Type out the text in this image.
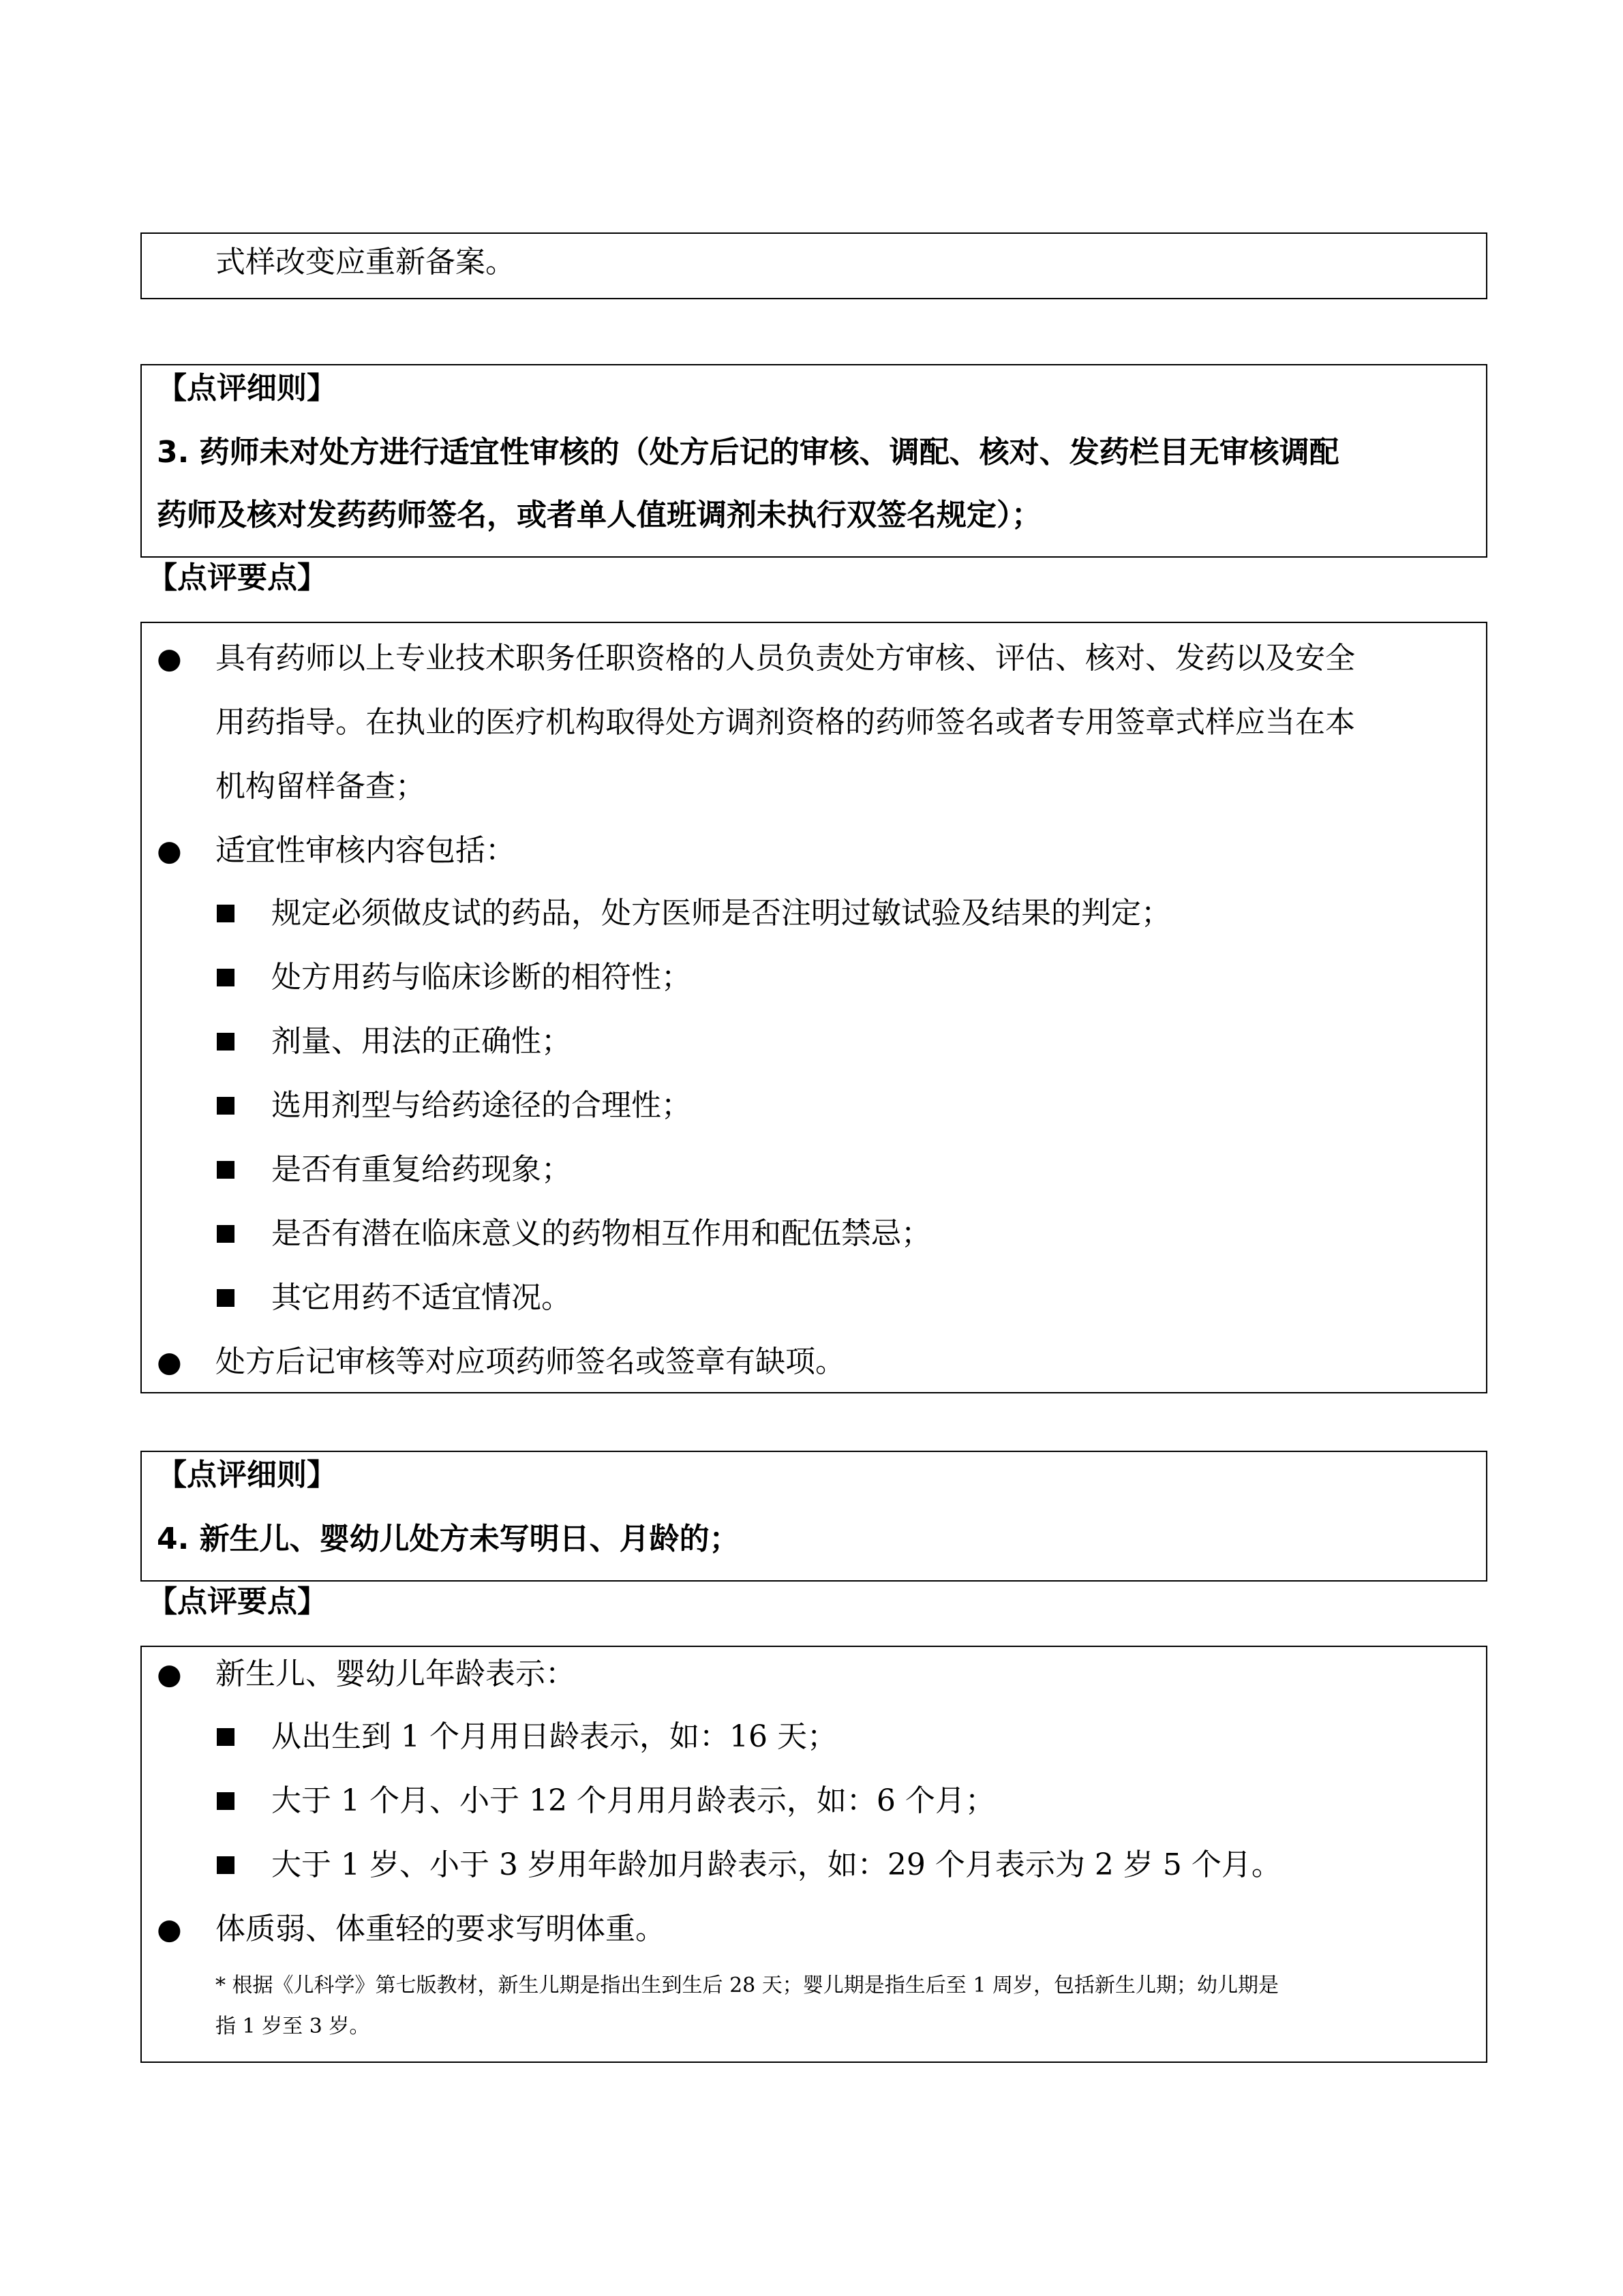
式样改变应重新备案。
【点评细则】
3. 药师未对处方进行适宜性审核的（处方后记的审核、调配、核对、发药栏目无审核调配
药师及核对发药药师签名，或者单人值班调剂未执行双签名规定）；
【点评要点】
● 具有药师以上专业技术职务任职资格的人员负责处方审核、评估、核对、发药以及安全
用药指导。在执业的医疗机构取得处方调剂资格的药师签名或者专用签章式样应当在本
机构留样备查；
● 适宜性审核内容包括：
规定必须做皮试的药品，处方医师是否注明过敏试验及结果的判定；
处方用药与临床诊断的相符性；
剂量、用法的正确性；
选用剂型与给药途径的合理性；
是否有重复给药现象；
是否有潜在临床意义的药物相互作用和配伍禁忌；
其它用药不适宜情况。
● 处方后记审核等对应项药师签名或签章有缺项。
【点评细则】
4. 新生儿、婴幼儿处方未写明日、月龄的；
【点评要点】
● 新生儿、婴幼儿年龄表示：
从出生到 1 个月用日龄表示，如：16 天；
大于 1 个月、小于 12 个月用月龄表示，如：6 个月；
大于 1 岁、小于 3 岁用年龄加月龄表示，如：29 个月表示为 2 岁 5 个月。
● 体质弱、体重轻的要求写明体重。
* 根据《儿科学》第七版教材，新生儿期是指出生到生后 28 天；婴儿期是指生后至 1 周岁，包括新生儿期；幼儿期是
指 1 岁至 3 岁。
